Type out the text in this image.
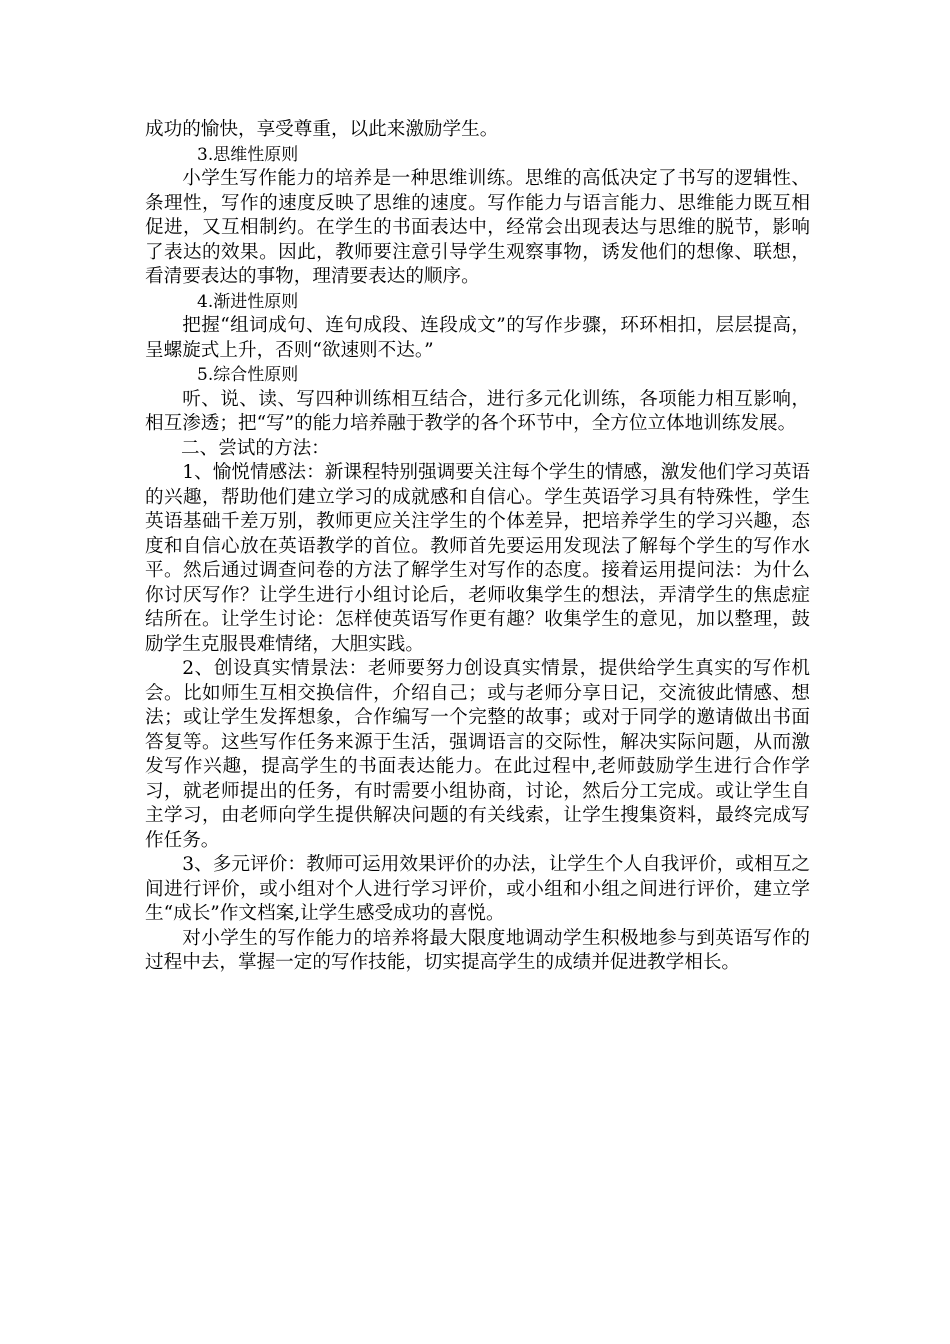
成功的愉快，享受尊重，以此来激励学生。

3.思维性原则

小学生写作能力的培养是一种思维训练。思维的高低决定了书写的逻辑性、条理性，写作的速度反映了思维的速度。写作能力与语言能力、思维能力既互相促进，又互相制约。在学生的书面表达中，经常会出现表达与思维的脱节，影响了表达的效果。因此，教师要注意引导学生观察事物，诱发他们的想像、联想，看清要表达的事物，理清要表达的顺序。

4.渐进性原则

把握“组词成句、连句成段、连段成文”的写作步骤，环环相扣，层层提高，呈螺旋式上升，否则“欲速则不达。”

5.综合性原则

听、说、读、写四种训练相互结合，进行多元化训练，各项能力相互影响，相互渗透；把“写”的能力培养融于教学的各个环节中，全方位立体地训练发展。

二、尝试的方法：

1、愉悦情感法：新课程特别强调要关注每个学生的情感，激发他们学习英语的兴趣，帮助他们建立学习的成就感和自信心。学生英语学习具有特殊性，学生英语基础千差万别，教师更应关注学生的个体差异，把培养学生的学习兴趣，态度和自信心放在英语教学的首位。教师首先要运用发现法了解每个学生的写作水平。然后通过调查问卷的方法了解学生对写作的态度。接着运用提问法：为什么你讨厌写作？让学生进行小组讨论后，老师收集学生的想法，弄清学生的焦虑症结所在。让学生讨论：怎样使英语写作更有趣？收集学生的意见，加以整理，鼓励学生克服畏难情绪，大胆实践。

2、创设真实情景法：老师要努力创设真实情景，提供给学生真实的写作机会。比如师生互相交换信件，介绍自己；或与老师分享日记，交流彼此情感、想法；或让学生发挥想象，合作编写一个完整的故事；或对于同学的邀请做出书面答复等。这些写作任务来源于生活，强调语言的交际性，解决实际问题，从而激发写作兴趣，提高学生的书面表达能力。在此过程中,老师鼓励学生进行合作学习，就老师提出的任务，有时需要小组协商，讨论，然后分工完成。或让学生自主学习，由老师向学生提供解决问题的有关线索，让学生搜集资料，最终完成写作任务。

3、多元评价：教师可运用效果评价的办法，让学生个人自我评价，或相互之间进行评价，或小组对个人进行学习评价，或小组和小组之间进行评价，建立学生“成长”作文档案,让学生感受成功的喜悦。

对小学生的写作能力的培养将最大限度地调动学生积极地参与到英语写作的过程中去，掌握一定的写作技能，切实提高学生的成绩并促进教学相长。
